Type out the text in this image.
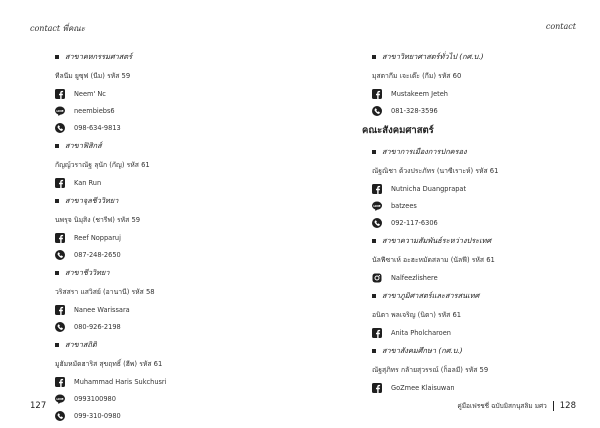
contact พี่คณะ
สาขาคหกรรมศาสตร์
ทีลนีม ยูซุฟ (นีม) รหัส 59
Neem' Nc
LINE neembiebs6
098-634-9813
สาขาฟิสิกส์
กัญญ์วราณัฐ ลุนัก (กัญ) รหัส 61
Kan Run
สาขาจุลชีววิทยา
นพรุจ นิมุสิง (ชารีฟ) รหัส 59
Reef Nopparuj
087-248-2650
สาขาชีววิทยา
วริสสรา แสวิสย์ (อานานี) รหัส 58
Nanee Warissara
080-926-2198
สาขาสถิติ
มูฮัมหมัดฮาริส สุขฤทธิ์ (ฮีพ) รหัส 61
Muhammad Haris Sukchusri
LINE 0993100980
099-310-0980
127
contact
สาขาวิทยาศาสตร์ทั่วไป (กศ.บ.)
มุสตากีม เจะเต๊ะ (กีม) รหัส 60
Mustakeem Jeteh
081-328-3596
คณะสังคมศาสตร์
สาขาการเมืองการปกครอง
ณัฐณิชา ด้วงประภัทร (นาซีเราะห์) รหัส 61
Nutnicha Duangprapat
LINE batzees
092-117-6306
สาขาความสัมพันธ์ระหว่างประเทศ
นัลฟีซาเห์ อะฮะหมัดสลาม (นัลฟี) รหัส 61
Nalfeezlishere
สาขาภูมิศาสตร์และสารสนเทศ
อนิตา พลเจริญ (นิตา) รหัส 61
Anita Pholcharoen
สาขาสังคมศึกษา (กศ.บ.)
ณัฐสุภิทร กลัายสุวรรณ์ (ก็อลมี) รหัส 59
GoZmee Klaisuwan
คู่มือเฟรชชี่ ฉบับมิสกนุสลิม มศว 128
